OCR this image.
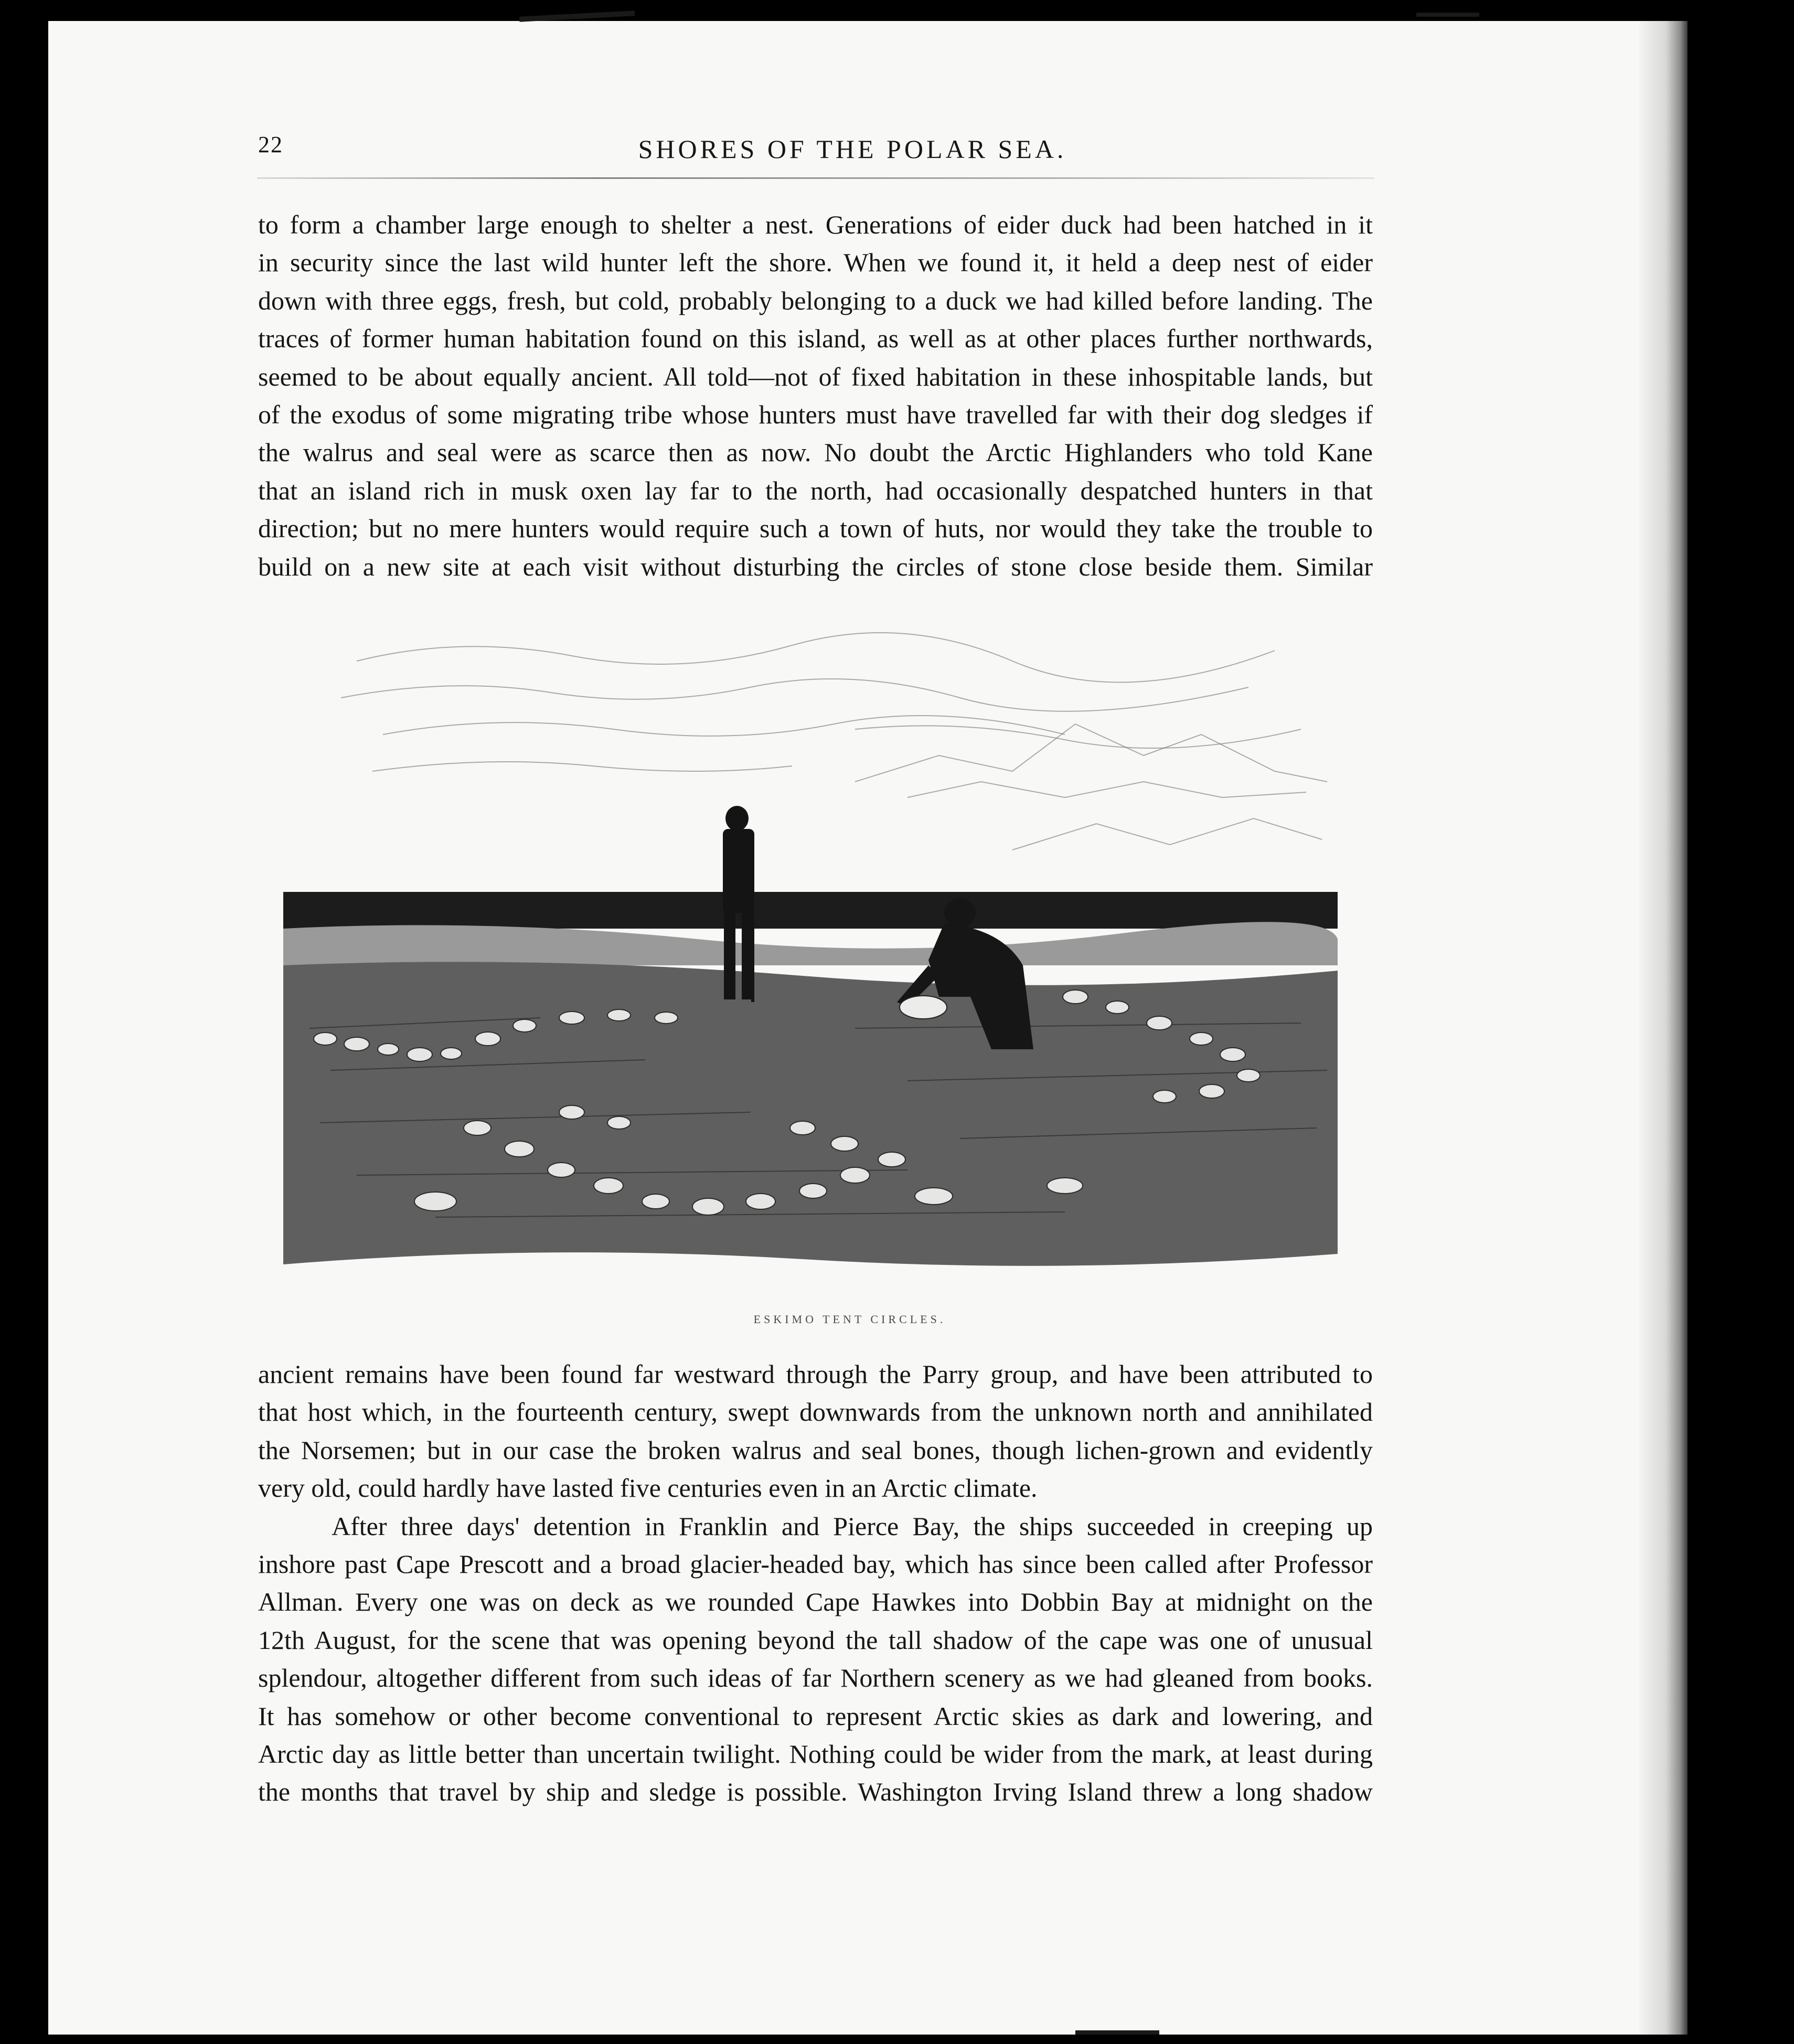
22	SHORES OF THE POLAR SEA.
to form a chamber large enough to shelter a nest. Generations of eider duck had been hatched in it
in security since the last wild hunter left the shore. When we found it, it held a deep nest of eider
down with three eggs, fresh, but cold, probably belonging to a duck we had killed before landing. The
traces of former human habitation found on this island, as well as at other places further northwards,
seemed to be about equally ancient. All told—not of fixed habitation in these inhospitable lands, but
of the exodus of some migrating tribe whose hunters must have travelled far with their dog sledges if
the walrus and seal were as scarce then as now. No doubt the Arctic Highlanders who told Kane
that an island rich in musk oxen lay far to the north, had occasionally despatched hunters in that
direction; but no mere hunters would require such a town of huts, nor would they take the trouble to
build on a new site at each visit without disturbing the circles of stone close beside them. Similar
ESKIMO TENT CIRCLES.
ancient remains have been found far westward through the Parry group, and have been attributed to
that host which, in the fourteenth century, swept downwards from the unknown north and annihilated
the Norsemen; but in our case the broken walrus and seal bones, though lichen-grown and evidently
very old, could hardly have lasted five centuries even in an Arctic climate.
After three days' detention in Franklin and Pierce Bay, the ships succeeded in creeping up
inshore past Cape Prescott and a broad glacier-headed bay, which has since been called after Professor
Allman. Every one was on deck as we rounded Cape Hawkes into Dobbin Bay at midnight on the
12th August, for the scene that was opening beyond the tall shadow of the cape was one of unusual
splendour, altogether different from such ideas of far Northern scenery as we had gleaned from books.
It has somehow or other become conventional to represent Arctic skies as dark and lowering, and
Arctic day as little better than uncertain twilight. Nothing could be wider from the mark, at least during
the months that travel by ship and sledge is possible. Washington Irving Island threw a long shadow
